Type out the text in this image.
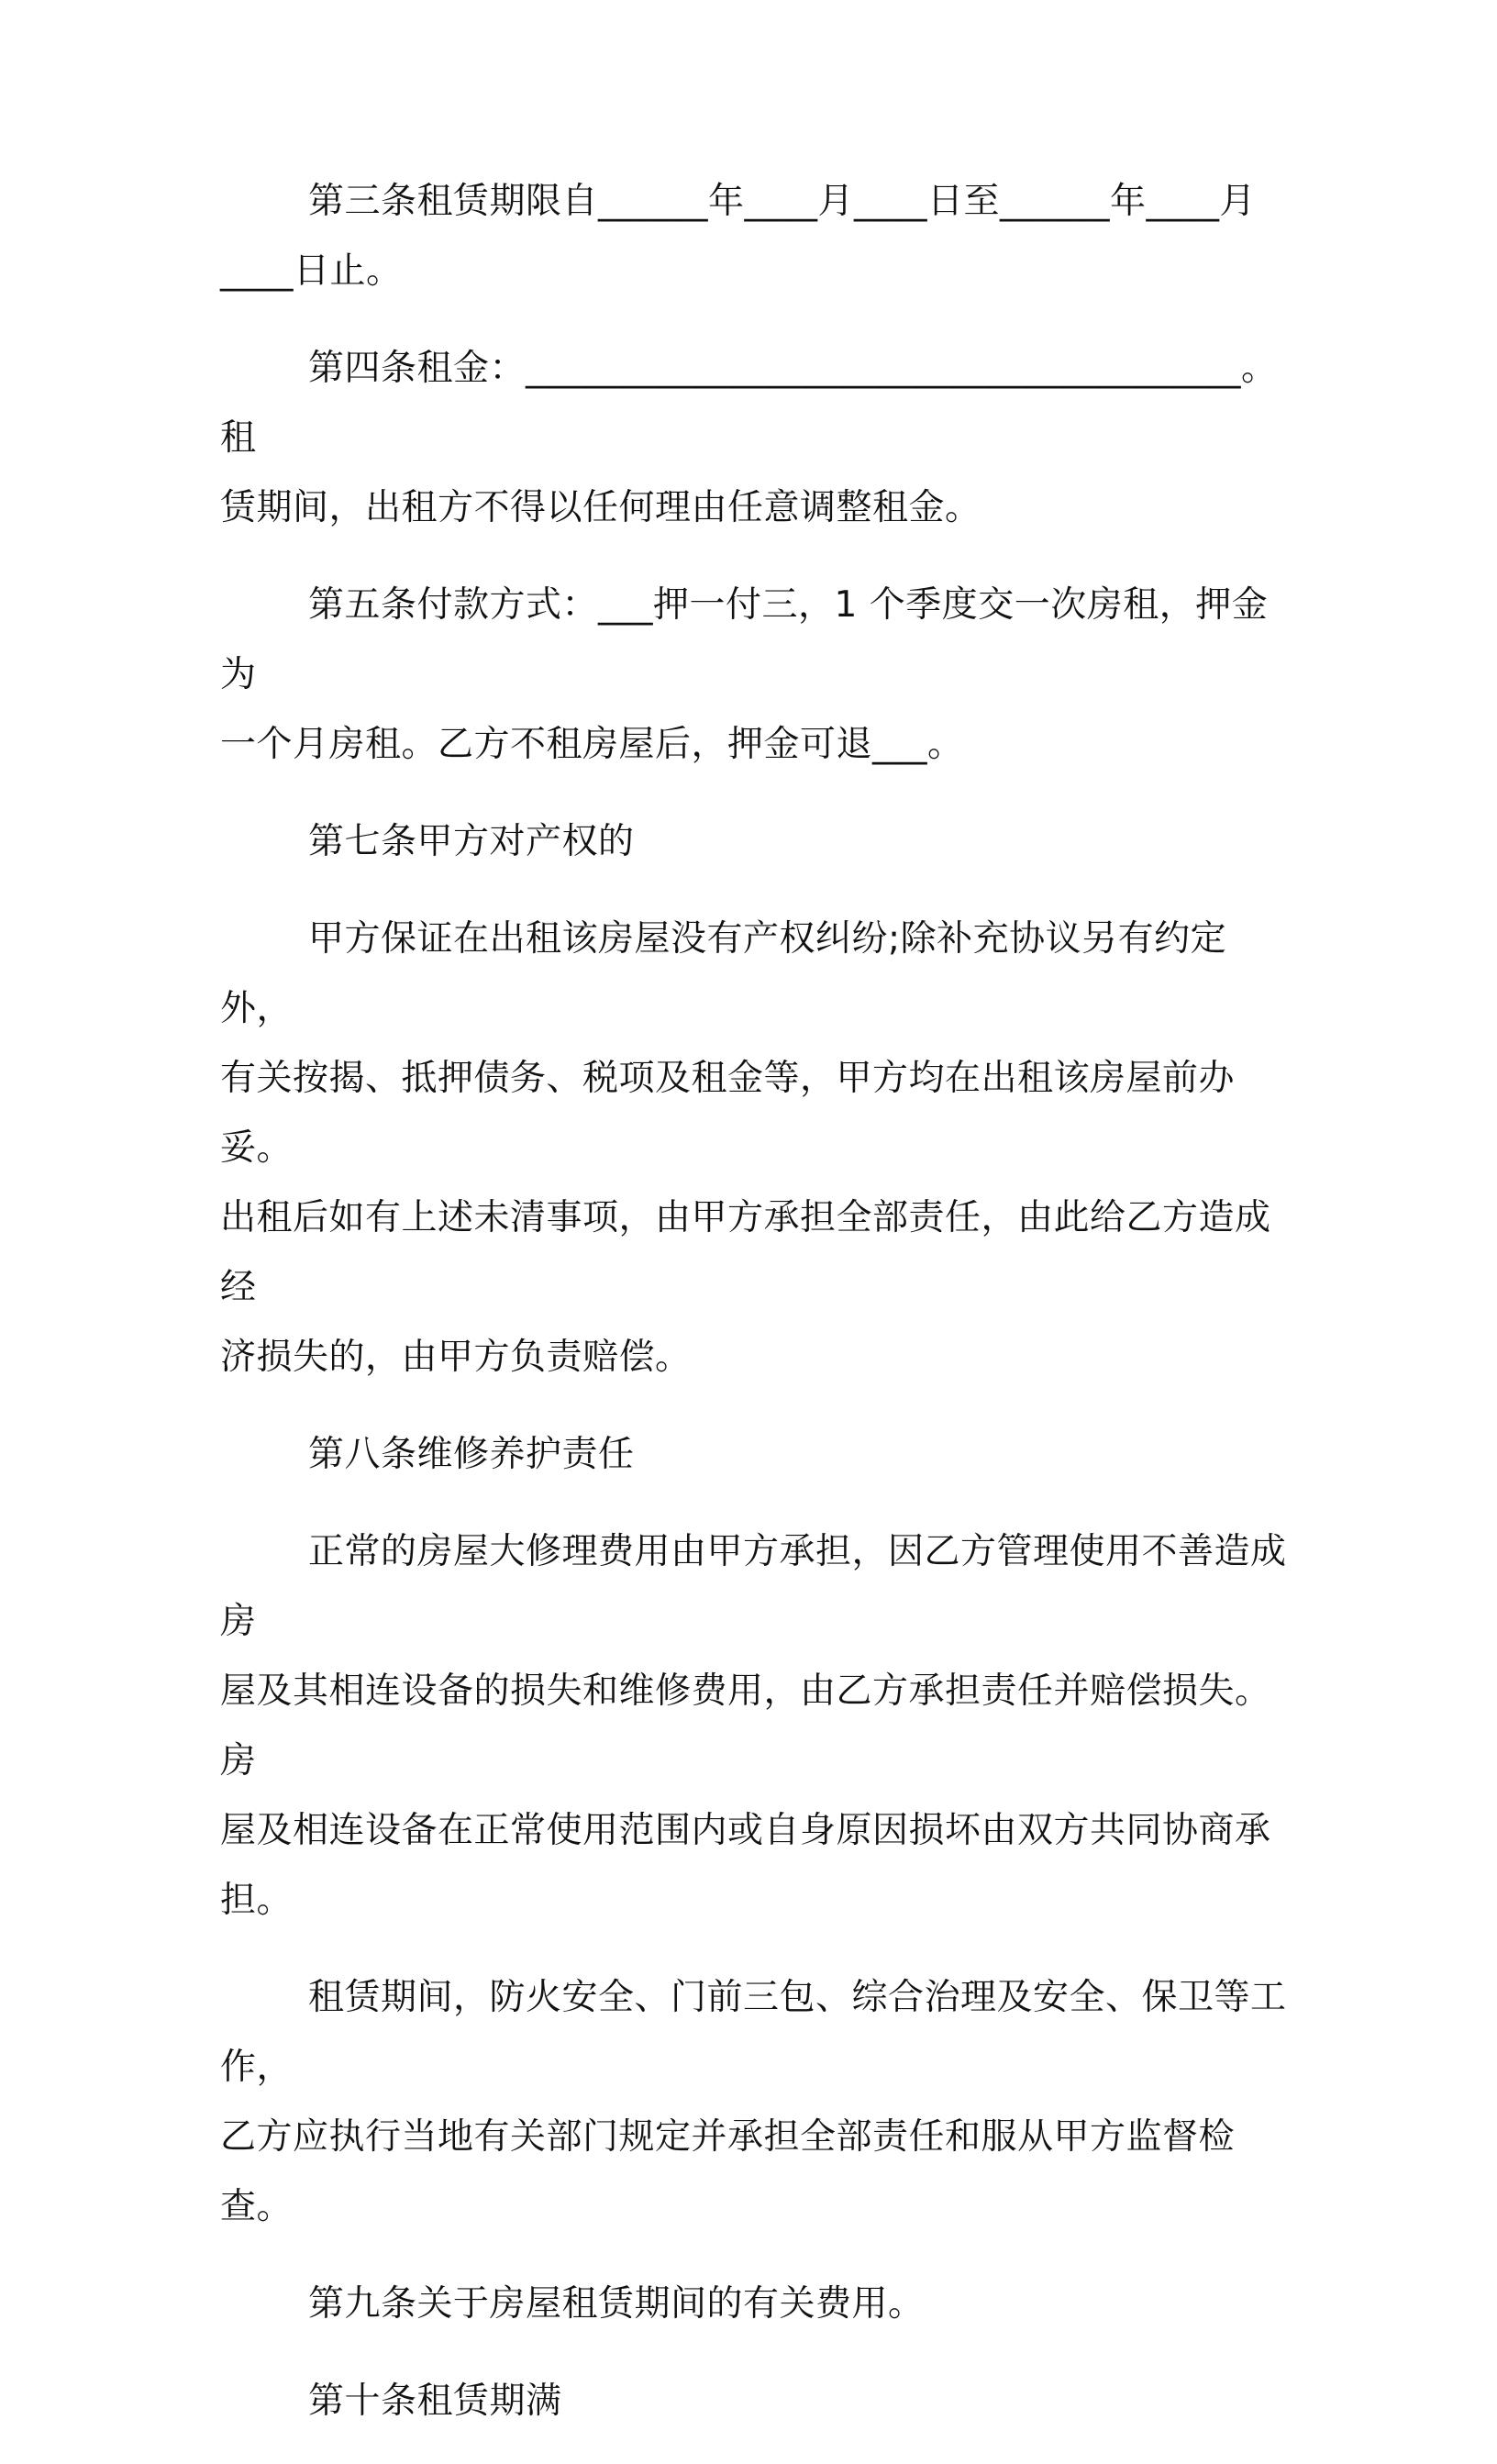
第三条租赁期限自______年____月____日至______年____月
____日止。

第四条租金：_______________________________________。租
赁期间，出租方不得以任何理由任意调整租金。

第五条付款方式：___押一付三，1 个季度交一次房租，押金为
一个月房租。乙方不租房屋后，押金可退___。

第七条甲方对产权的

甲方保证在出租该房屋没有产权纠纷;除补充协议另有约定外，
有关按揭、抵押债务、税项及租金等，甲方均在出租该房屋前办妥。
出租后如有上述未清事项，由甲方承担全部责任，由此给乙方造成经
济损失的，由甲方负责赔偿。

第八条维修养护责任

正常的房屋大修理费用由甲方承担，因乙方管理使用不善造成房
屋及其相连设备的损失和维修费用，由乙方承担责任并赔偿损失。房
屋及相连设备在正常使用范围内或自身原因损坏由双方共同协商承担。

租赁期间，防火安全、门前三包、综合治理及安全、保卫等工作，
乙方应执行当地有关部门规定并承担全部责任和服从甲方监督检查。

第九条关于房屋租赁期间的有关费用。

第十条租赁期满
